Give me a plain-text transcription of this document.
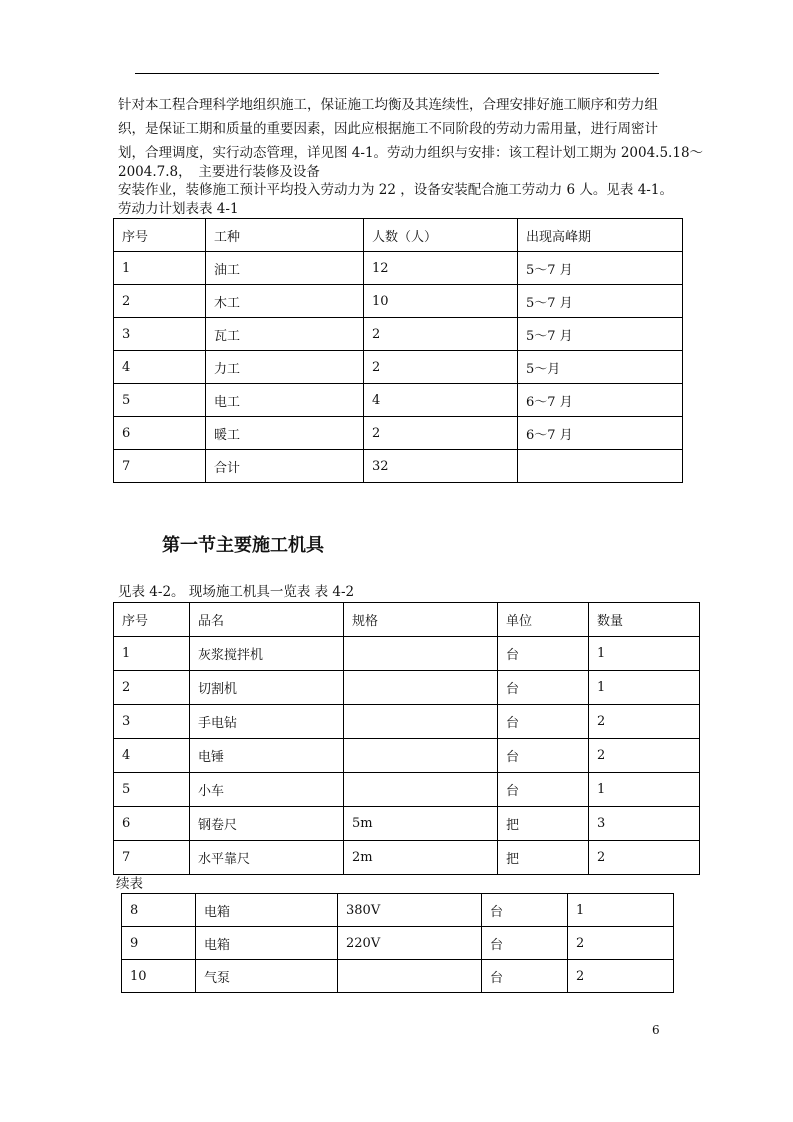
针对本工程合理科学地组织施工，保证施工均衡及其连续性，合理安排好施工顺序和劳力组
织，是保证工期和质量的重要因素，因此应根据施工不同阶段的劳动力需用量，进行周密计
划，合理调度，实行动态管理，详见图 4-1。劳动力组织与安排：该工程计划工期为 2004.5.18～
2004.7.8，　主要进行装修及设备
安装作业，装修施工预计平均投入劳动力为 22 ，设备安装配合施工劳动力 6 人。见表 4-1。
劳动力计划表表 4-1
序号	工种	人数（人）	出现高峰期
1	油工	12	5～7 月
2	木工	10	5～7 月
3	瓦工	2	5～7 月
4	力工	2	5～月
5	电工	4	6～7 月
6	暖工	2	6～7 月
7	合计	32	
第一节主要施工机具
见表 4-2。 现场施工机具一览表 表 4-2
序号	品名	规格	单位	数量
1	灰浆搅拌机		台	1
2	切割机		台	1
3	手电钻		台	2
4	电锤		台	2
5	小车		台	1
6	钢卷尺	5m	把	3
7	水平靠尺	2m	把	2
续表
8	电箱	380V	台	1
9	电箱	220V	台	2
10	气泵		台	2
6
